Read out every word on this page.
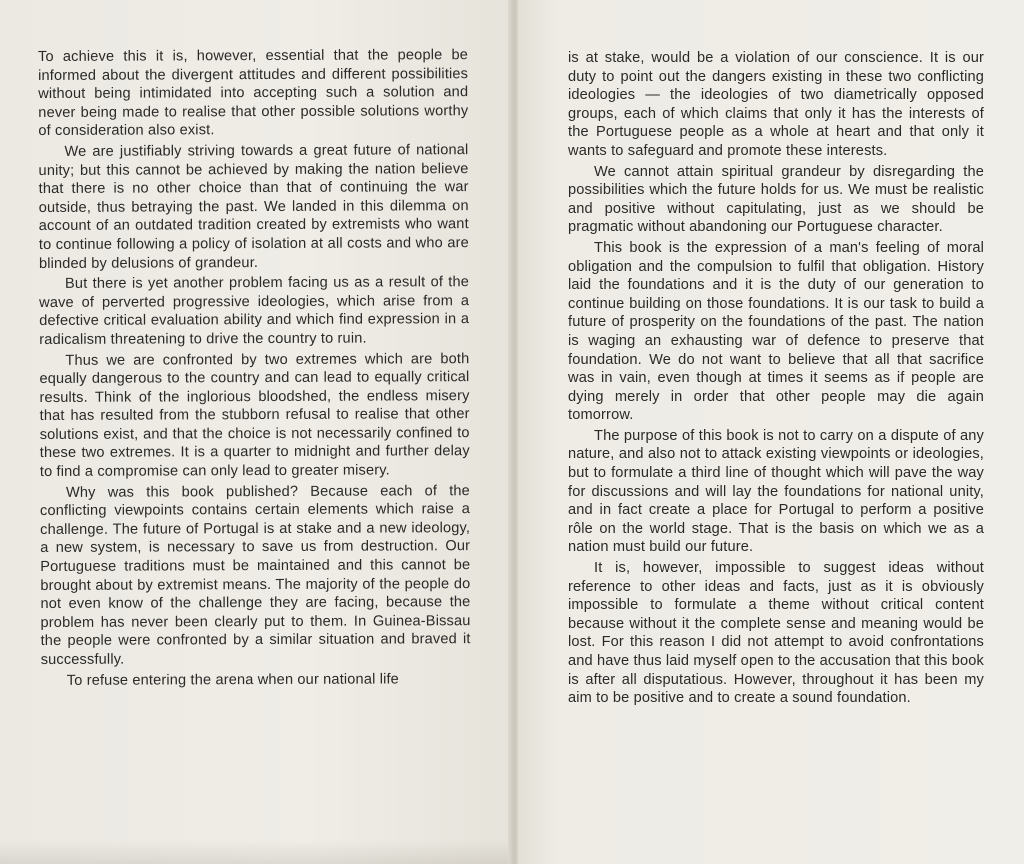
To achieve this it is, however, essential that the people be informed about the divergent attitudes and different possibilities without being intimidated into accepting such a solution and never being made to realise that other possible solutions worthy of consideration also exist.

We are justifiably striving towards a great future of national unity; but this cannot be achieved by making the nation believe that there is no other choice than that of continuing the war outside, thus betraying the past. We landed in this dilemma on account of an outdated tradition created by extremists who want to continue following a policy of isolation at all costs and who are blinded by delusions of grandeur.

But there is yet another problem facing us as a result of the wave of perverted progressive ideologies, which arise from a defective critical evaluation ability and which find expression in a radicalism threatening to drive the country to ruin.

Thus we are confronted by two extremes which are both equally dangerous to the country and can lead to equally critical results. Think of the inglorious bloodshed, the endless misery that has resulted from the stubborn refusal to realise that other solutions exist, and that the choice is not necessarily confined to these two extremes. It is a quarter to midnight and further delay to find a compromise can only lead to greater misery.

Why was this book published? Because each of the conflicting viewpoints contains certain elements which raise a challenge. The future of Portugal is at stake and a new ideology, a new system, is necessary to save us from destruction. Our Portuguese traditions must be maintained and this cannot be brought about by extremist means. The majority of the people do not even know of the challenge they are facing, because the problem has never been clearly put to them. In Guinea-Bissau the people were confronted by a similar situation and braved it successfully.

To refuse entering the arena when our national life

is at stake, would be a violation of our conscience. It is our duty to point out the dangers existing in these two conflicting ideologies — the ideologies of two diametrically opposed groups, each of which claims that only it has the interests of the Portuguese people as a whole at heart and that only it wants to safeguard and promote these interests.

We cannot attain spiritual grandeur by disregarding the possibilities which the future holds for us. We must be realistic and positive without capitulating, just as we should be pragmatic without abandoning our Portuguese character.

This book is the expression of a man's feeling of moral obligation and the compulsion to fulfil that obligation. History laid the foundations and it is the duty of our generation to continue building on those foundations. It is our task to build a future of prosperity on the foundations of the past. The nation is waging an exhausting war of defence to preserve that foundation. We do not want to believe that all that sacrifice was in vain, even though at times it seems as if people are dying merely in order that other people may die again tomorrow.

The purpose of this book is not to carry on a dispute of any nature, and also not to attack existing viewpoints or ideologies, but to formulate a third line of thought which will pave the way for discussions and will lay the foundations for national unity, and in fact create a place for Portugal to perform a positive rôle on the world stage. That is the basis on which we as a nation must build our future.

It is, however, impossible to suggest ideas without reference to other ideas and facts, just as it is obviously impossible to formulate a theme without critical content because without it the complete sense and meaning would be lost. For this reason I did not attempt to avoid confrontations and have thus laid myself open to the accusation that this book is after all disputatious. However, throughout it has been my aim to be positive and to create a sound foundation.
